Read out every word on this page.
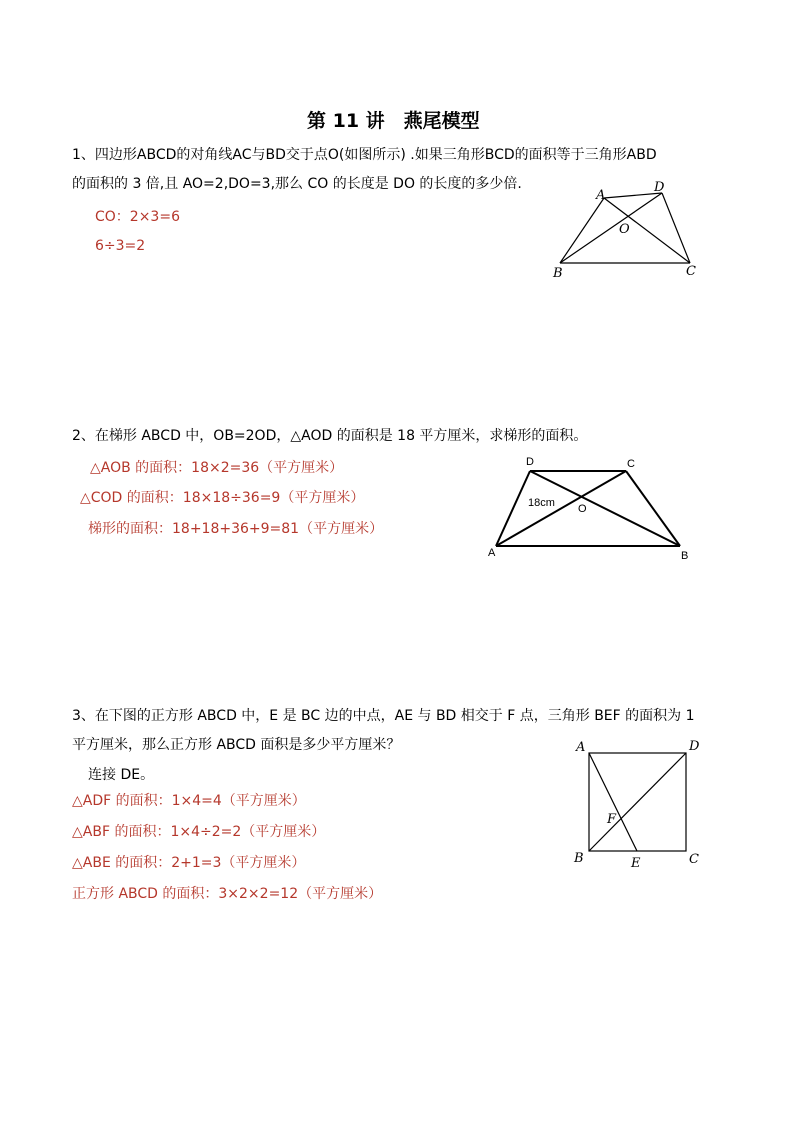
第 11 讲　燕尾模型
1、四边形ABCD的对角线AC与BD交于点O(如图所示) .如果三角形BCD的面积等于三角形ABD
的面积的 3 倍,且 AO=2,DO=3,那么 CO 的长度是 DO 的长度的多少倍.
CO：2×3=6
6÷3=2
A
D
O
B	C
2、在梯形 ABCD 中，OB=2OD，△AOD 的面积是 18 平方厘米，求梯形的面积。
△AOB 的面积：18×2=36（平方厘米）
△COD 的面积：18×18÷36=9（平方厘米）
梯形的面积：18+18+36+9=81（平方厘米）
D	C
18cm O
A	B
3、在下图的正方形 ABCD 中，E 是 BC 边的中点，AE 与 BD 相交于 F 点，三角形 BEF 的面积为 1
平方厘米，那么正方形 ABCD 面积是多少平方厘米？
连接 DE。
△ADF 的面积：1×4=4（平方厘米）
△ABF 的面积：1×4÷2=2（平方厘米）
△ABE 的面积：2+1=3（平方厘米）
正方形 ABCD 的面积：3×2×2=12（平方厘米）
A	D
F
B	E	C
